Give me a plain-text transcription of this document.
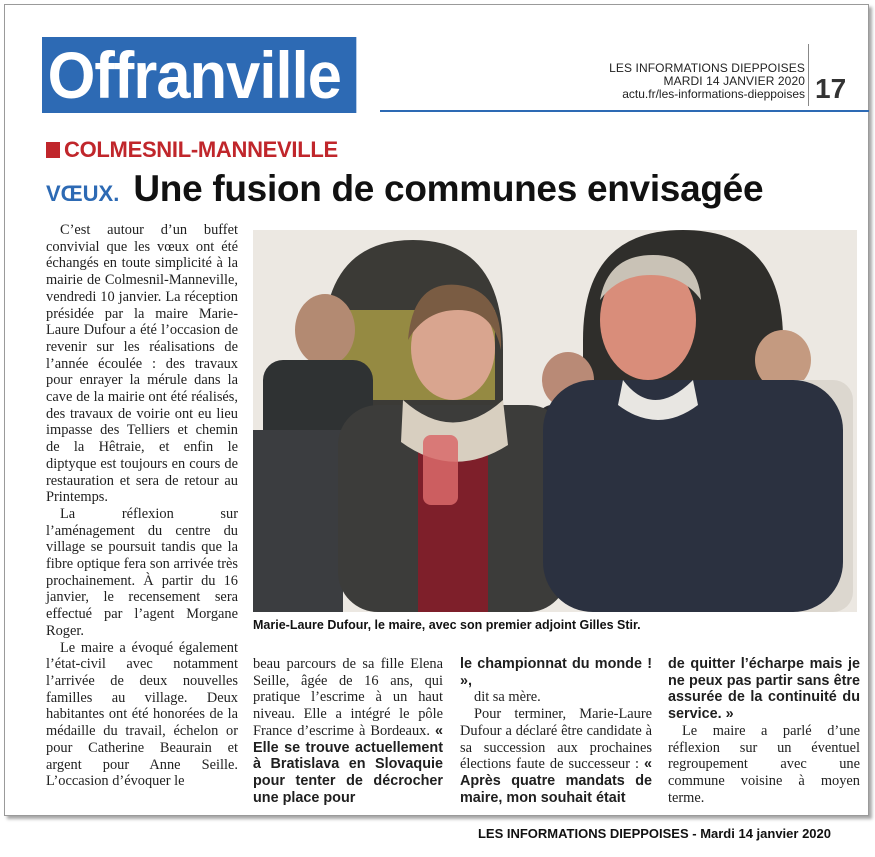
Offranville	LES INFORMATIONS DIEPPOISES
MARDI 14 JANVIER 2020
actu.fr/les-informations-dieppoises 17
COLMESNIL-MANNEVILLE
VŒUX. Une fusion de communes envisagée

C’est autour d’un buffet convivial que les vœux ont été échangés en toute simplicité à la mairie de Colmesnil-Manneville, vendredi 10 janvier. La réception présidée par la maire Marie-Laure Dufour a été l’occasion de revenir sur les réalisations de l’année écoulée : des travaux pour enrayer la mérule dans la cave de la mairie ont été réalisés, des travaux de voirie ont eu lieu impasse des Telliers et chemin de la Hêtraie, et enfin le diptyque est toujours en cours de restauration et sera de retour au Printemps.

La réflexion sur l’aménagement du centre du village se poursuit tandis que la fibre optique fera son arrivée très prochainement. À partir du 16 janvier, le recensement sera effectué par l’agent Morgane Roger.

Le maire a évoqué également l’état-civil avec notamment l’arrivée de deux nouvelles familles au village. Deux habitantes ont été honorées de la médaille du travail, échelon or pour Catherine Beaurain et argent pour Anne Seille. L’occasion d’évoquer le

Marie-Laure Dufour, le maire, avec son premier adjoint Gilles Stir.

beau parcours de sa fille Elena Seille, âgée de 16 ans, qui pratique l’escrime à un haut niveau. Elle a intégré le pôle France d’escrime à Bordeaux. « Elle se trouve actuellement à Bratislava en Slovaquie pour tenter de décrocher une place pour

le championnat du monde ! »,

dit sa mère.

Pour terminer, Marie-Laure Dufour a déclaré être candidate à sa succession aux prochaines élections faute de successeur : « Après quatre mandats de maire, mon souhait était

de quitter l’écharpe mais je ne peux pas partir sans être assurée de la continuité du service. »

Le maire a parlé d’une réflexion sur un éventuel regroupement avec une commune voisine à moyen terme.

LES INFORMATIONS DIEPPOISES - Mardi 14 janvier 2020
